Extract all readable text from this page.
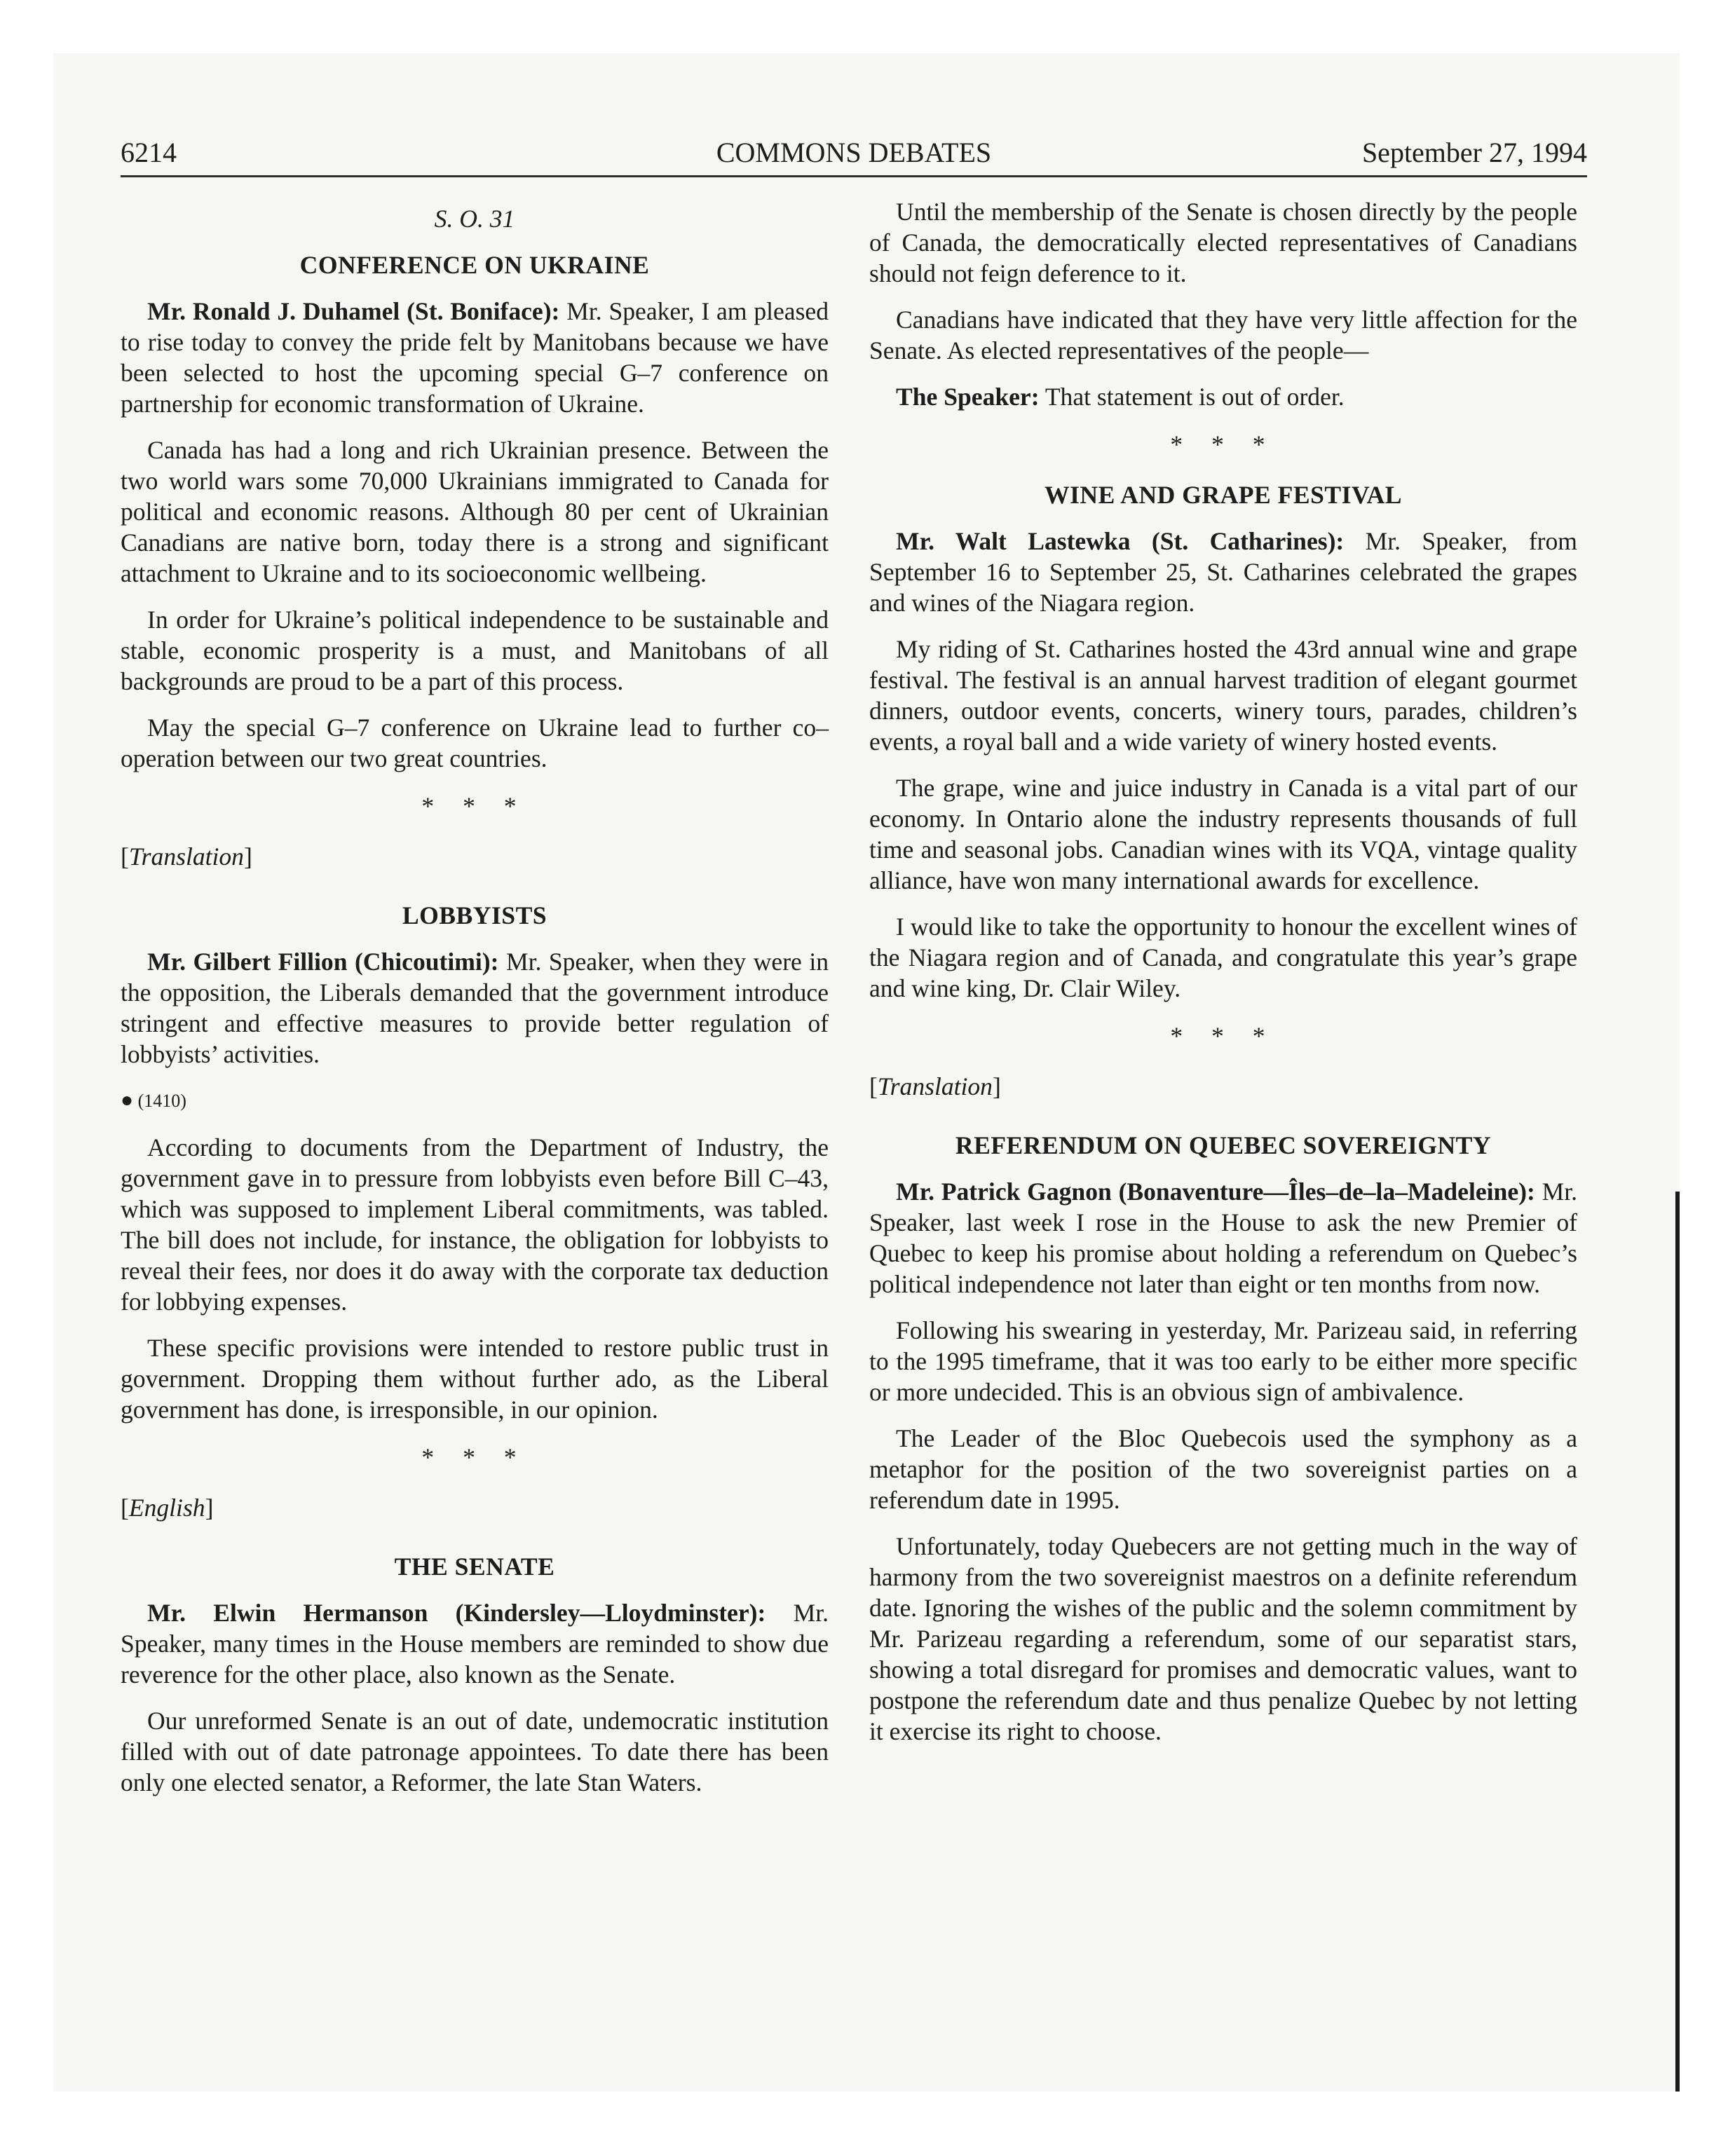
6214	COMMONS DEBATES	September 27, 1994
S. O. 31
CONFERENCE ON UKRAINE

Mr. Ronald J. Duhamel (St. Boniface): Mr. Speaker, I am pleased to rise today to convey the pride felt by Manitobans because we have been selected to host the upcoming special G–7 conference on partnership for economic transformation of Ukraine.

Canada has had a long and rich Ukrainian presence. Between the two world wars some 70,000 Ukrainians immigrated to Canada for political and economic reasons. Although 80 per cent of Ukrainian Canadians are native born, today there is a strong and significant attachment to Ukraine and to its socioeconomic wellbeing.

In order for Ukraine’s political independence to be sustainable and stable, economic prosperity is a must, and Manitobans of all backgrounds are proud to be a part of this process.

May the special G–7 conference on Ukraine lead to further co–operation between our two great countries.

* * *

[Translation]

LOBBYISTS

Mr. Gilbert Fillion (Chicoutimi): Mr. Speaker, when they were in the opposition, the Liberals demanded that the government introduce stringent and effective measures to provide better regulation of lobbyists’ activities.

● (1410)

According to documents from the Department of Industry, the government gave in to pressure from lobbyists even before Bill C–43, which was supposed to implement Liberal commitments, was tabled. The bill does not include, for instance, the obligation for lobbyists to reveal their fees, nor does it do away with the corporate tax deduction for lobbying expenses.

These specific provisions were intended to restore public trust in government. Dropping them without further ado, as the Liberal government has done, is irresponsible, in our opinion.

* * *

[English]

THE SENATE

Mr. Elwin Hermanson (Kindersley—Lloydminster): Mr. Speaker, many times in the House members are reminded to show due reverence for the other place, also known as the Senate.

Our unreformed Senate is an out of date, undemocratic institution filled with out of date patronage appointees. To date there has been only one elected senator, a Reformer, the late Stan Waters.

Until the membership of the Senate is chosen directly by the people of Canada, the democratically elected representatives of Canadians should not feign deference to it.

Canadians have indicated that they have very little affection for the Senate. As elected representatives of the people—

The Speaker: That statement is out of order.

* * *
WINE AND GRAPE FESTIVAL

Mr. Walt Lastewka (St. Catharines): Mr. Speaker, from September 16 to September 25, St. Catharines celebrated the grapes and wines of the Niagara region.

My riding of St. Catharines hosted the 43rd annual wine and grape festival. The festival is an annual harvest tradition of elegant gourmet dinners, outdoor events, concerts, winery tours, parades, children’s events, a royal ball and a wide variety of winery hosted events.

The grape, wine and juice industry in Canada is a vital part of our economy. In Ontario alone the industry represents thousands of full time and seasonal jobs. Canadian wines with its VQA, vintage quality alliance, have won many international awards for excellence.

I would like to take the opportunity to honour the excellent wines of the Niagara region and of Canada, and congratulate this year’s grape and wine king, Dr. Clair Wiley.

* * *

[Translation]

REFERENDUM ON QUEBEC SOVEREIGNTY

Mr. Patrick Gagnon (Bonaventure—Îles–de–la–Madeleine): Mr. Speaker, last week I rose in the House to ask the new Premier of Quebec to keep his promise about holding a referendum on Quebec’s political independence not later than eight or ten months from now.

Following his swearing in yesterday, Mr. Parizeau said, in referring to the 1995 timeframe, that it was too early to be either more specific or more undecided. This is an obvious sign of ambivalence.

The Leader of the Bloc Quebecois used the symphony as a metaphor for the position of the two sovereignist parties on a referendum date in 1995.

Unfortunately, today Quebecers are not getting much in the way of harmony from the two sovereignist maestros on a definite referendum date. Ignoring the wishes of the public and the solemn commitment by Mr. Parizeau regarding a referendum, some of our separatist stars, showing a total disregard for promises and democratic values, want to postpone the referendum date and thus penalize Quebec by not letting it exercise its right to choose.
